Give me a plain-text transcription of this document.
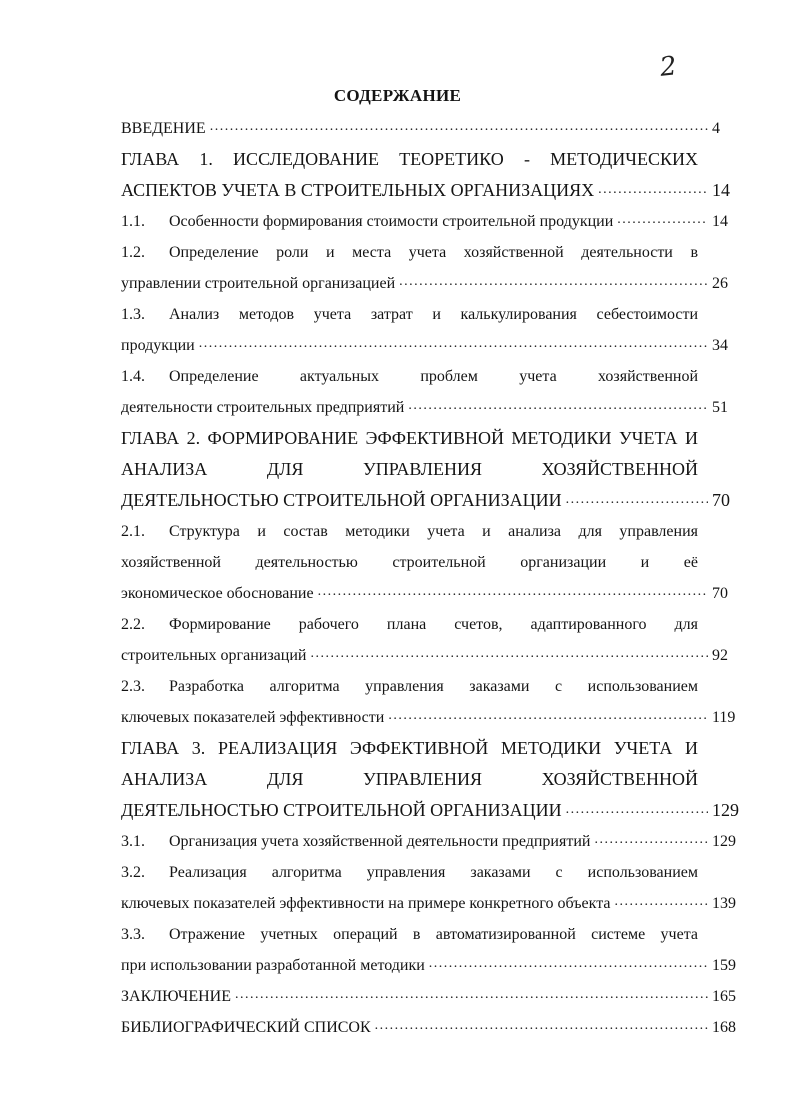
2
СОДЕРЖАНИЕ
ВВЕДЕНИЕ .....	4
ГЛАВА 1. ИССЛЕДОВАНИЕ ТЕОРЕТИКО - МЕТОДИЧЕСКИХ
АСПЕКТОВ УЧЕТА В СТРОИТЕЛЬНЫХ ОРГАНИЗАЦИЯХ .....	14
1.1. Особенности формирования стоимости строительной продукции .....	14
1.2. Определение роли и места учета хозяйственной деятельности в
управлении строительной организацией .....	26
1.3. Анализ методов учета затрат и калькулирования себестоимости
продукции .....	34
1.4. Определение актуальных проблем учета хозяйственной
деятельности строительных предприятий .....	51
ГЛАВА 2. ФОРМИРОВАНИЕ ЭФФЕКТИВНОЙ МЕТОДИКИ УЧЕТА И
АНАЛИЗА ДЛЯ УПРАВЛЕНИЯ ХОЗЯЙСТВЕННОЙ
ДЕЯТЕЛЬНОСТЬЮ СТРОИТЕЛЬНОЙ ОРГАНИЗАЦИИ .....	70
2.1. Структура и состав методики учета и анализа для управления
хозяйственной деятельностью строительной организации и её
экономическое обоснование .....	70
2.2. Формирование рабочего плана счетов, адаптированного для
строительных организаций .....	92
2.3. Разработка алгоритма управления заказами с использованием
ключевых показателей эффективности .....	119
ГЛАВА 3. РЕАЛИЗАЦИЯ ЭФФЕКТИВНОЙ МЕТОДИКИ УЧЕТА И
АНАЛИЗА ДЛЯ УПРАВЛЕНИЯ ХОЗЯЙСТВЕННОЙ
ДЕЯТЕЛЬНОСТЬЮ СТРОИТЕЛЬНОЙ ОРГАНИЗАЦИИ .....	129
3.1. Организация учета хозяйственной деятельности предприятий .....	129
3.2. Реализация алгоритма управления заказами с использованием
ключевых показателей эффективности на примере конкретного объекта .....	139
3.3. Отражение учетных операций в автоматизированной системе учета
при использовании разработанной методики .....	159
ЗАКЛЮЧЕНИЕ .....	165
БИБЛИОГРАФИЧЕСКИЙ СПИСОК .....	168
